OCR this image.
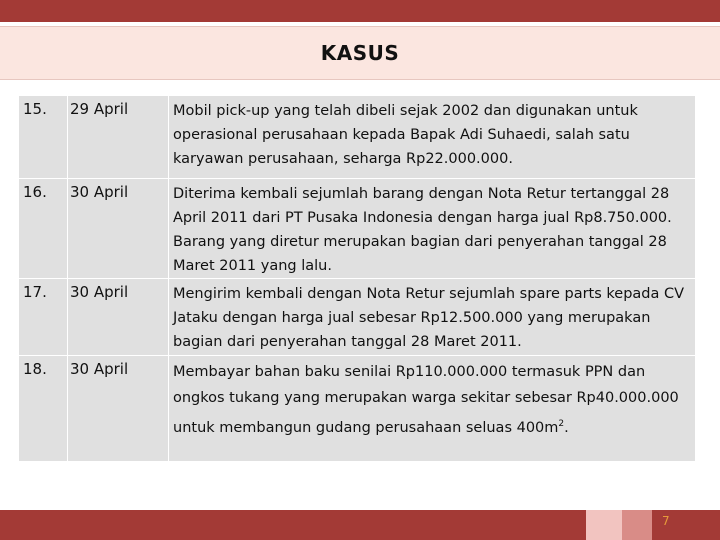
KASUS
15.	29 April	Mobil pick-up yang telah dibeli sejak 2002 dan digunakan untuk operasional perusahaan kepada Bapak Adi Suhaedi, salah satu karyawan perusahaan, seharga Rp22.000.000.
16.	30 April	Diterima kembali sejumlah barang dengan Nota Retur tertanggal 28 April 2011 dari PT Pusaka Indonesia dengan harga jual Rp8.750.000. Barang yang diretur merupakan bagian dari penyerahan tanggal 28 Maret 2011 yang lalu.
17.	30 April	Mengirim kembali dengan Nota Retur sejumlah spare parts kepada CV Jataku dengan harga jual sebesar Rp12.500.000 yang merupakan bagian dari penyerahan tanggal 28 Maret 2011.
18.	30 April	Membayar bahan baku senilai Rp110.000.000 termasuk PPN dan ongkos tukang yang merupakan warga sekitar sebesar Rp40.000.000 untuk membangun gudang perusahaan seluas $400m^2$.
7
